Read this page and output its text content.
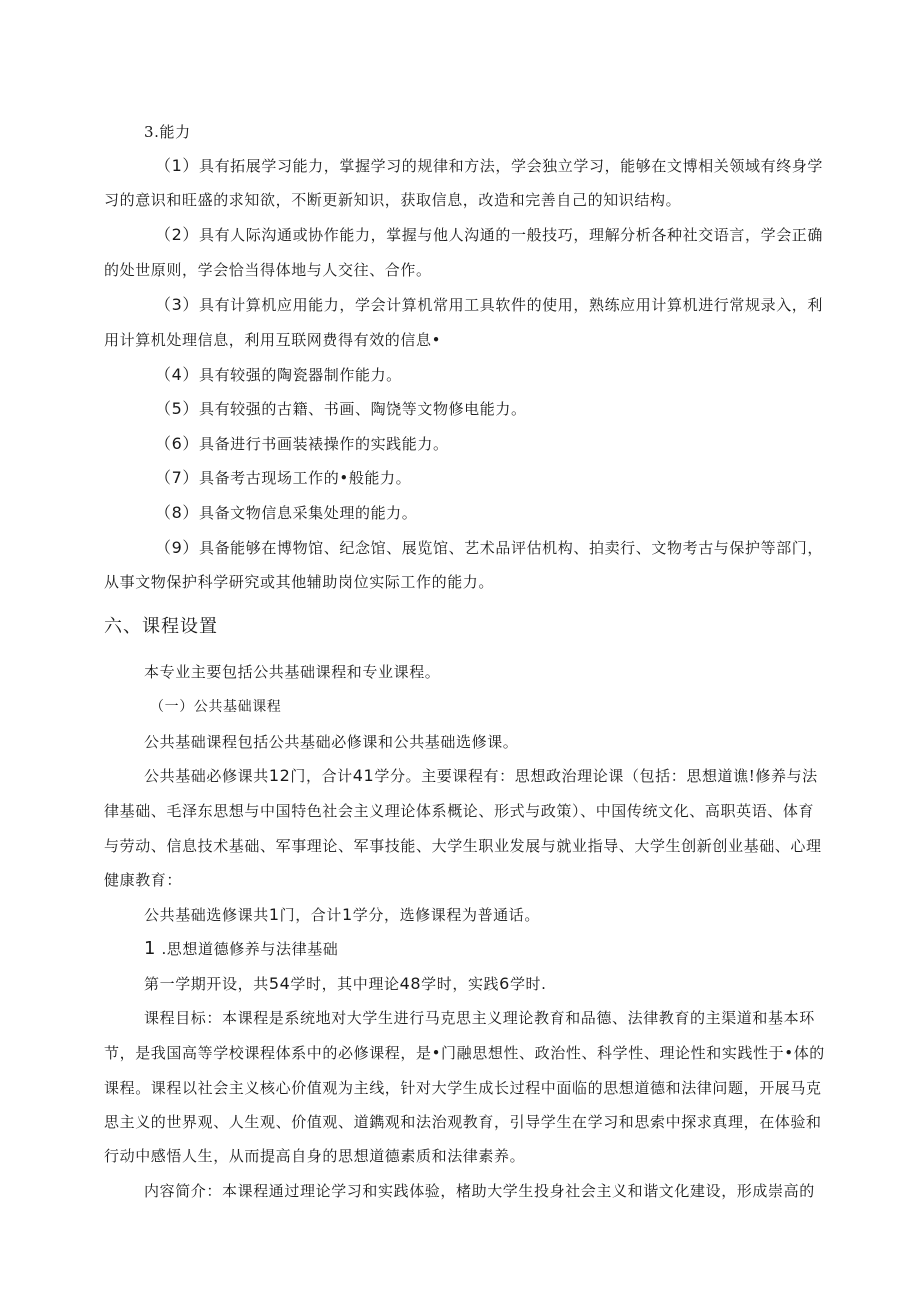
3.能力
（1）具有拓展学习能力，掌握学习的规律和方法，学会独立学习，能够在文博相关领域有终身学
习的意识和旺盛的求知欲，不断更新知识，获取信息，改造和完善自己的知识结构。
（2）具有人际沟通或协作能力，掌握与他人沟通的一般技巧，理解分析各种社交语言，学会正确
的处世原则，学会恰当得体地与人交往、合作。
（3）具有计算机应用能力，学会计算机常用工具软件的使用，熟练应用计算机进行常规录入，利
用计算机处理信息，利用互联网费得有效的信息•
（4）具有较强的陶瓷器制作能力。
（5）具有较强的古籍、书画、陶饶等文物修电能力。
（6）具备进行书画装裱操作的实践能力。
（7）具备考古现场工作的•般能力。
（8）具备文物信息采集处理的能力。
（9）具备能够在博物馆、纪念馆、展览馆、艺术品评估机构、拍卖行、文物考古与保护等部门，
从事文物保护科学研究或其他辅助岗位实际工作的能力。
六、课程设置
本专业主要包括公共基础课程和专业课程。
（一）公共基础课程
公共基础课程包括公共基础必修课和公共基础选修课。
公共基础必修课共12门，合计41学分。主要课程有：思想政治理论课（包括：思想道谯!修养与法
律基础、毛泽东思想与中国特色社会主义理论体系概论、形式与政策）、中国传统文化、高职英语、体育
与劳动、信息技术基础、军事理论、军事技能、大学生职业发展与就业指导、大学生创新创业基础、心理
健康教育：
公共基础选修课共1门，合计1学分，选修课程为普通话。
1 .思想道德修养与法律基础
第一学期开设，共54学时，其中理论48学时，实践6学时.
课程目标：本课程是系统地对大学生进行马克思主义理论教育和品德、法律教育的主渠道和基本环
节，是我国高等学校课程体系中的必修课程，是•门融思想性、政治性、科学性、理论性和实践性于•体的
课程。课程以社会主义核心价值观为主线，针对大学生成长过程中面临的思想道德和法律问题，开展马克
思主义的世界观、人生观、价值观、道鐫观和法治观教育，引导学生在学习和思索中探求真理，在体验和
行动中感悟人生，从而提高自身的思想道德素质和法律素养。
内容简介：本课程通过理论学习和实践体验，楮助大学生投身社会主义和谐文化建设，形成崇高的
